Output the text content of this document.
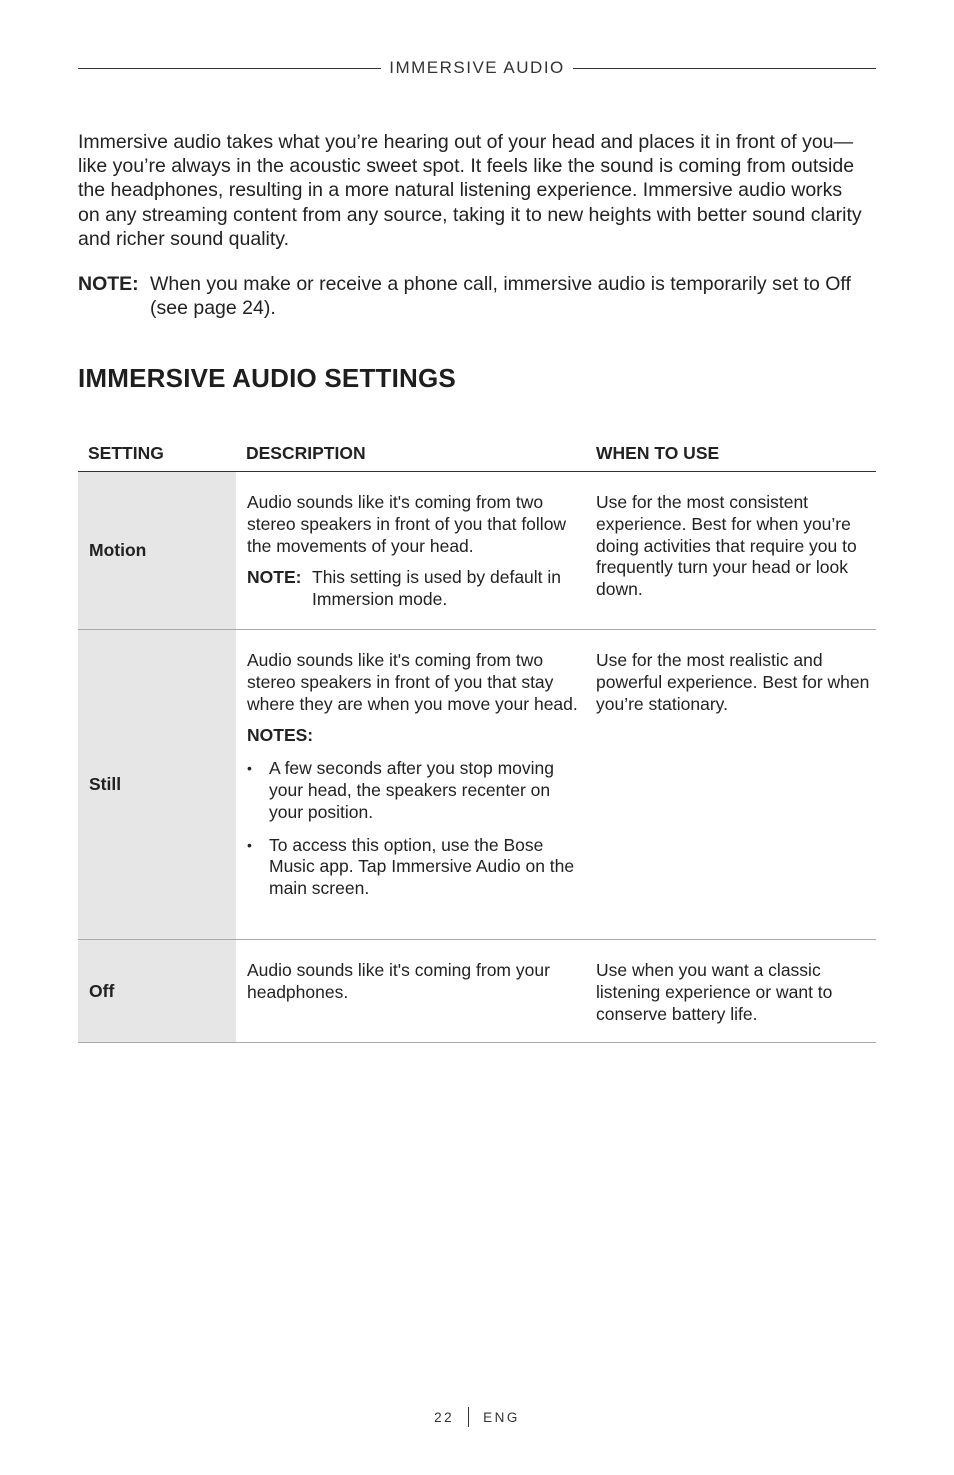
IMMERSIVE AUDIO

Immersive audio takes what you’re hearing out of your head and places it in front of you—like you’re always in the acoustic sweet spot. It feels like the sound is coming from outside the headphones, resulting in a more natural listening experience. Immersive audio works on any streaming content from any source, taking it to new heights with better sound clarity and richer sound quality.

NOTE: When you make or receive a phone call, immersive audio is temporarily set to Off (see page 24).
IMMERSIVE AUDIO SETTINGS
SETTING	DESCRIPTION	WHEN TO USE
Motion

Audio sounds like it's coming from two stereo speakers in front of you that follow the movements of your head.

NOTE: This setting is used by default in Immersion mode.
Use for the most consistent experience. Best for when you’re doing activities that require you to frequently turn your head or look down.
Still

Audio sounds like it's coming from two stereo speakers in front of you that stay where they are when you move your head.

NOTES:
• A few seconds after you stop moving your head, the speakers recenter on your position.
• To access this option, use the Bose Music app. Tap Immersive Audio on the main screen.
Use for the most realistic and powerful experience. Best for when you’re stationary.
Off

Audio sounds like it's coming from your headphones.

Use when you want a classic listening experience or want to conserve battery life.
22 ENG
